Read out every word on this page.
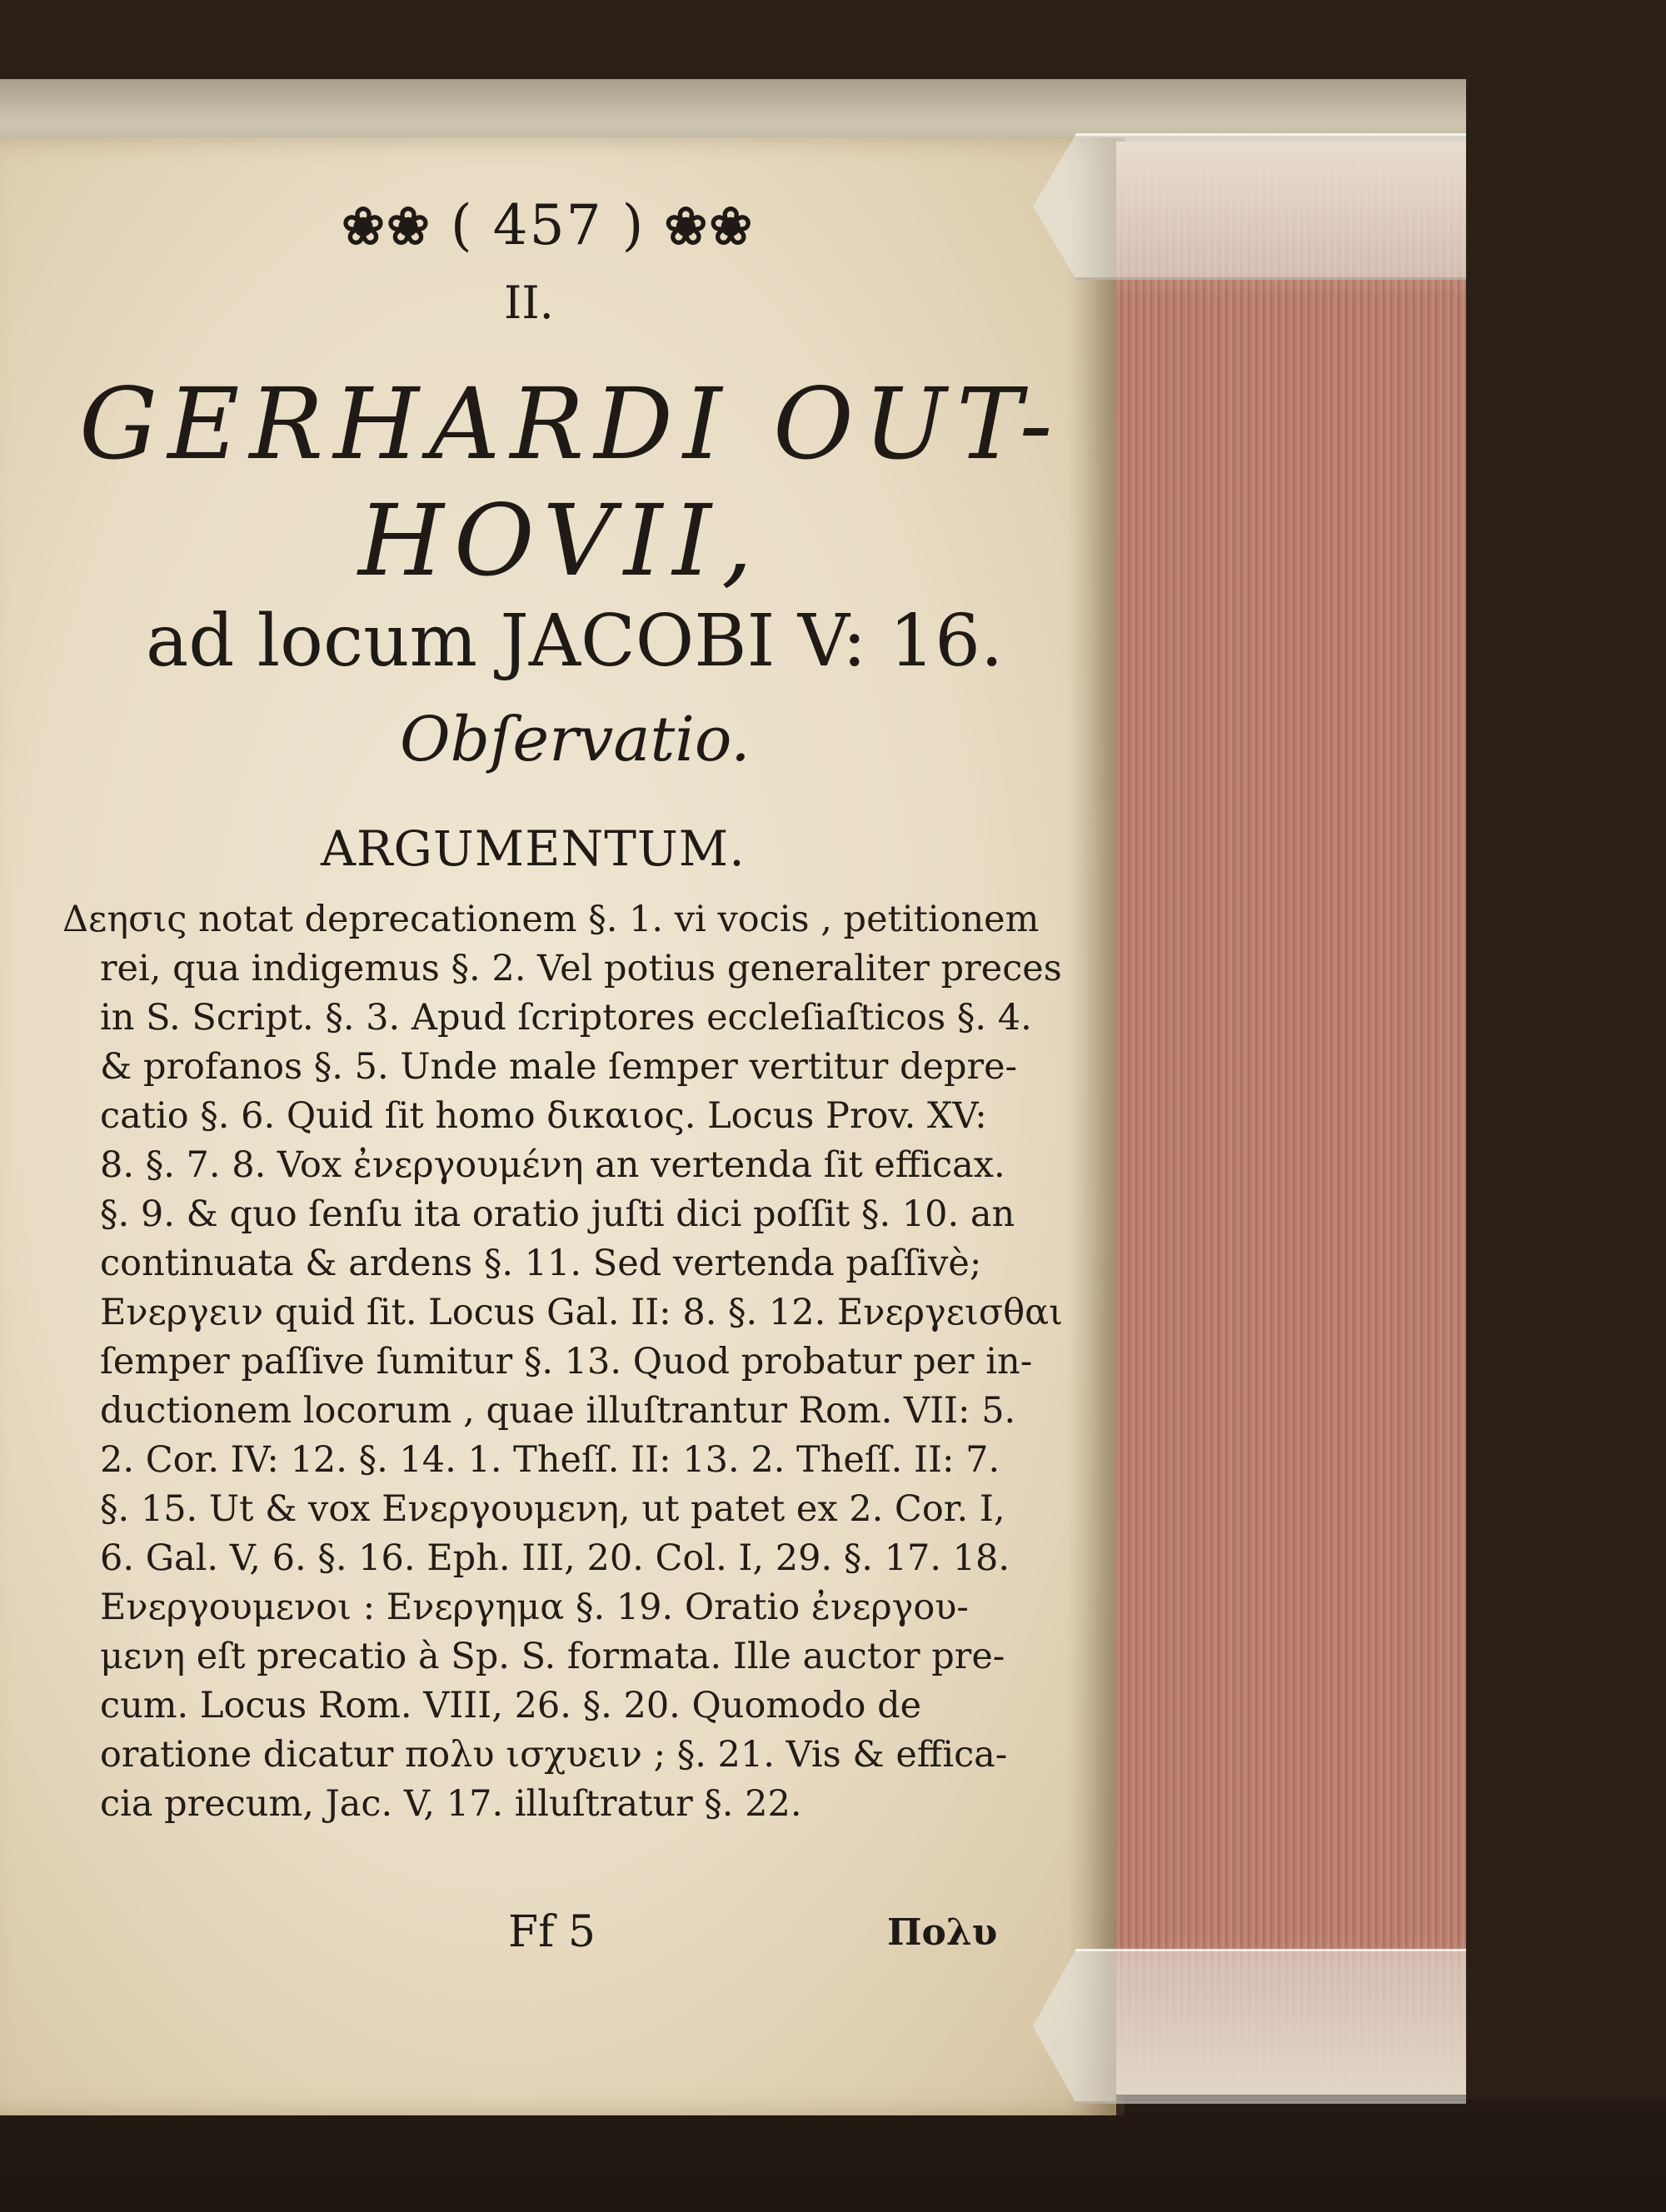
❀❀ ( 457 ) ❀❀
II.
GERHARDI OUT-
HOVII,
ad locum JACOBI V: 16.
Obſervatio.
ARGUMENTUM.
Δεησις notat deprecationem §. 1. vi vocis , petitionem
rei, qua indigemus §. 2. Vel potius generaliter preces
in S. Script. §. 3. Apud ſcriptores eccleſiaſticos §. 4.
& profanos §. 5. Unde male ſemper vertitur depre-
catio §. 6. Quid ſit homo δικαιος. Locus Prov. XV:
8. §. 7. 8. Vox ἐνεργουμένη an vertenda ſit efficax.
§. 9. & quo ſenſu ita oratio juſti dici poſſit §. 10. an
continuata & ardens §. 11. Sed vertenda paſſivè;
Ενεργειν quid ſit. Locus Gal. II: 8. §. 12. Ενεργεισθαι
ſemper paſſive ſumitur §. 13. Quod probatur per in-
ductionem locorum , quae illuſtrantur Rom. VII: 5.
2. Cor. IV: 12. §. 14. 1. Theſſ. II: 13. 2. Theſſ. II: 7.
§. 15. Ut & vox Ενεργουμενη, ut patet ex 2. Cor. I,
6. Gal. V, 6. §. 16. Eph. III, 20. Col. I, 29. §. 17. 18.
Ενεργουμενοι : Ενεργημα §. 19. Oratio ἐνεργου-
μενη eſt precatio à Sp. S. formata. Ille auctor pre-
cum. Locus Rom. VIII, 26. §. 20. Quomodo de
oratione dicatur πολυ ισχυειν ; §. 21. Vis & effica-
cia precum, Jac. V, 17. illuſtratur §. 22.
Ff 5	Πολυ
